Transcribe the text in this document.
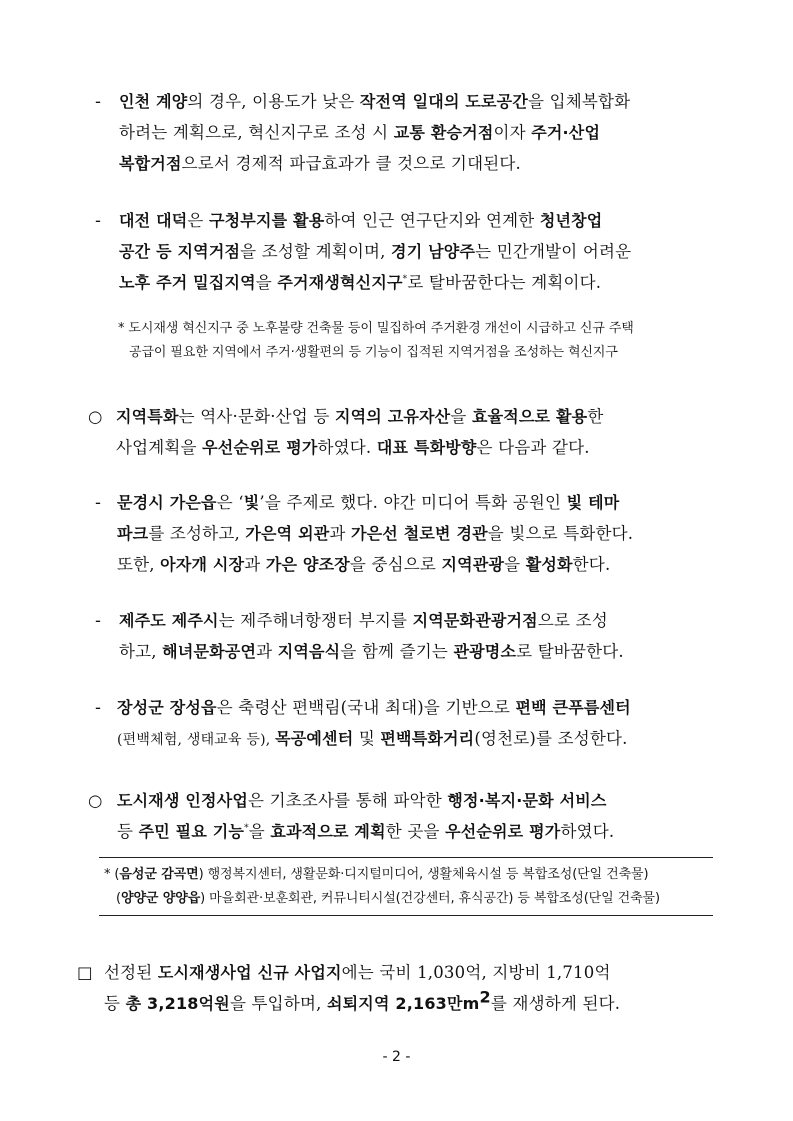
- 인천 계양의 경우, 이용도가 낮은 작전역 일대의 도로공간을 입체복합화
하려는 계획으로, 혁신지구로 조성 시 교통 환승거점이자 주거·산업
복합거점으로서 경제적 파급효과가 클 것으로 기대된다.
- 대전 대덕은 구청부지를 활용하여 인근 연구단지와 연계한 청년창업
공간 등 지역거점을 조성할 계획이며, 경기 남양주는 민간개발이 어려운
노후 주거 밀집지역을 주거재생혁신지구*로 탈바꿈한다는 계획이다.
* 도시재생 혁신지구 중 노후불량 건축물 등이 밀집하여 주거환경 개선이 시급하고 신규 주택
공급이 필요한 지역에서 주거·생활편의 등 기능이 집적된 지역거점을 조성하는 혁신지구
○ 지역특화는 역사·문화·산업 등 지역의 고유자산을 효율적으로 활용한
사업계획을 우선순위로 평가하였다. 대표 특화방향은 다음과 같다.
- 문경시 가은읍은 ‘빛’을 주제로 했다. 야간 미디어 특화 공원인 빛 테마
파크를 조성하고, 가은역 외관과 가은선 철로변 경관을 빛으로 특화한다.
또한, 아자개 시장과 가은 양조장을 중심으로 지역관광을 활성화한다.
- 제주도 제주시는 제주해녀항쟁터 부지를 지역문화관광거점으로 조성
하고, 해녀문화공연과 지역음식을 함께 즐기는 관광명소로 탈바꿈한다.
- 장성군 장성읍은 축령산 편백림(국내 최대)을 기반으로 편백 큰푸름센터
(편백체험, 생태교육 등), 목공예센터 및 편백특화거리(영천로)를 조성한다.
○ 도시재생 인정사업은 기초조사를 통해 파악한 행정·복지·문화 서비스
등 주민 필요 기능*을 효과적으로 계획한 곳을 우선순위로 평가하였다.
* (음성군 감곡면) 행정복지센터, 생활문화·디지털미디어, 생활체육시설 등 복합조성(단일 건축물)
(양양군 양양읍) 마을회관·보훈회관, 커뮤니티시설(건강센터, 휴식공간) 등 복합조성(단일 건축물)
□ 선정된 도시재생사업 신규 사업지에는 국비 1,030억, 지방비 1,710억
등 총 3,218억원을 투입하며, 쇠퇴지역 2,163만$m^2$를 재생하게 된다.
- 2 -
